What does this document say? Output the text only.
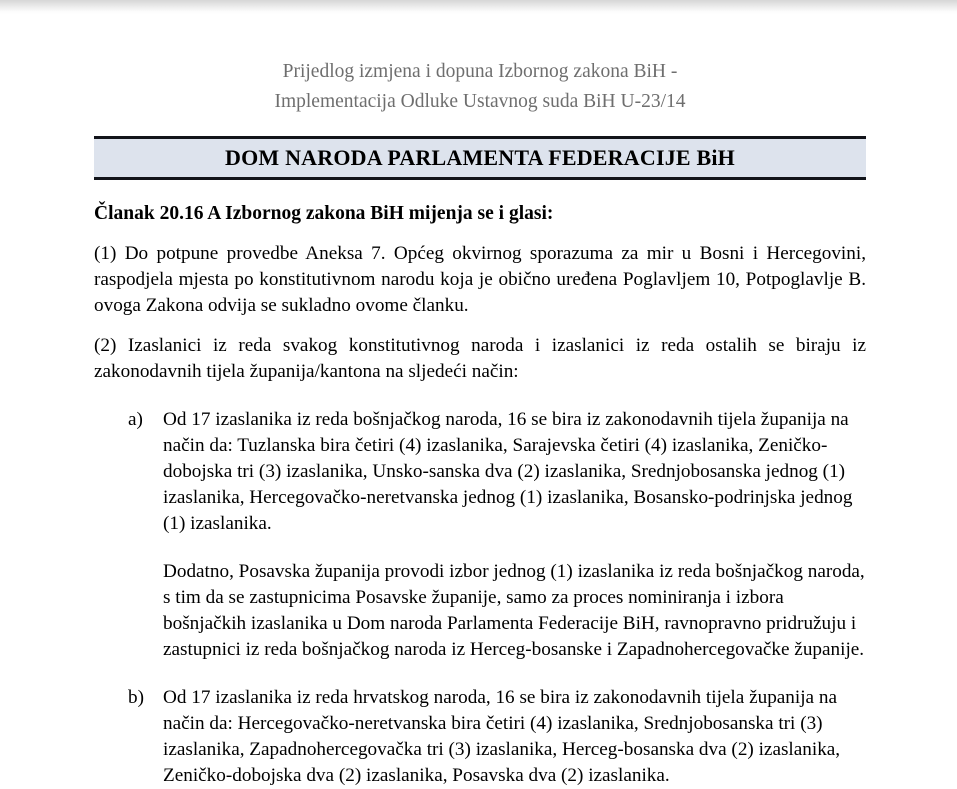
Prijedlog izmjena i dopuna Izbornog zakona BiH -
Implementacija Odluke Ustavnog suda BiH U-23/14
DOM NARODA PARLAMENTA FEDERACIJE BiH
Članak 20.16 A Izbornog zakona BiH mijenja se i glasi:

(1) Do potpune provedbe Aneksa 7. Općeg okvirnog sporazuma za mir u Bosni i Hercegovini, raspodjela mjesta po konstitutivnom narodu koja je obično uređena Poglavljem 10, Potpoglavlje B. ovoga Zakona odvija se sukladno ovome članku.

(2) Izaslanici iz reda svakog konstitutivnog naroda i izaslanici iz reda ostalih se biraju iz zakonodavnih tijela županija/kantona na sljedeći način:

a) Od 17 izaslanika iz reda bošnjačkog naroda, 16 se bira iz zakonodavnih tijela županija na način da: Tuzlanska bira četiri (4) izaslanika, Sarajevska četiri (4) izaslanika, Zeničko-dobojska tri (3) izaslanika, Unsko-sanska dva (2) izaslanika, Srednjobosanska jednog (1) izaslanika, Hercegovačko-neretvanska jednog (1) izaslanika, Bosansko-podrinjska jednog (1) izaslanika.

Dodatno, Posavska županija provodi izbor jednog (1) izaslanika iz reda bošnjačkog naroda, s tim da se zastupnicima Posavske županije, samo za proces nominiranja i izbora bošnjačkih izaslanika u Dom naroda Parlamenta Federacije BiH, ravnopravno pridružuju i zastupnici iz reda bošnjačkog naroda iz Herceg-bosanske i Zapadnohercegovačke županije.

b) Od 17 izaslanika iz reda hrvatskog naroda, 16 se bira iz zakonodavnih tijela županija na način da: Hercegovačko-neretvanska bira četiri (4) izaslanika, Srednjobosanska tri (3) izaslanika, Zapadnohercegovačka tri (3) izaslanika, Herceg-bosanska dva (2) izaslanika, Zeničko-dobojska dva (2) izaslanika, Posavska dva (2) izaslanika.
